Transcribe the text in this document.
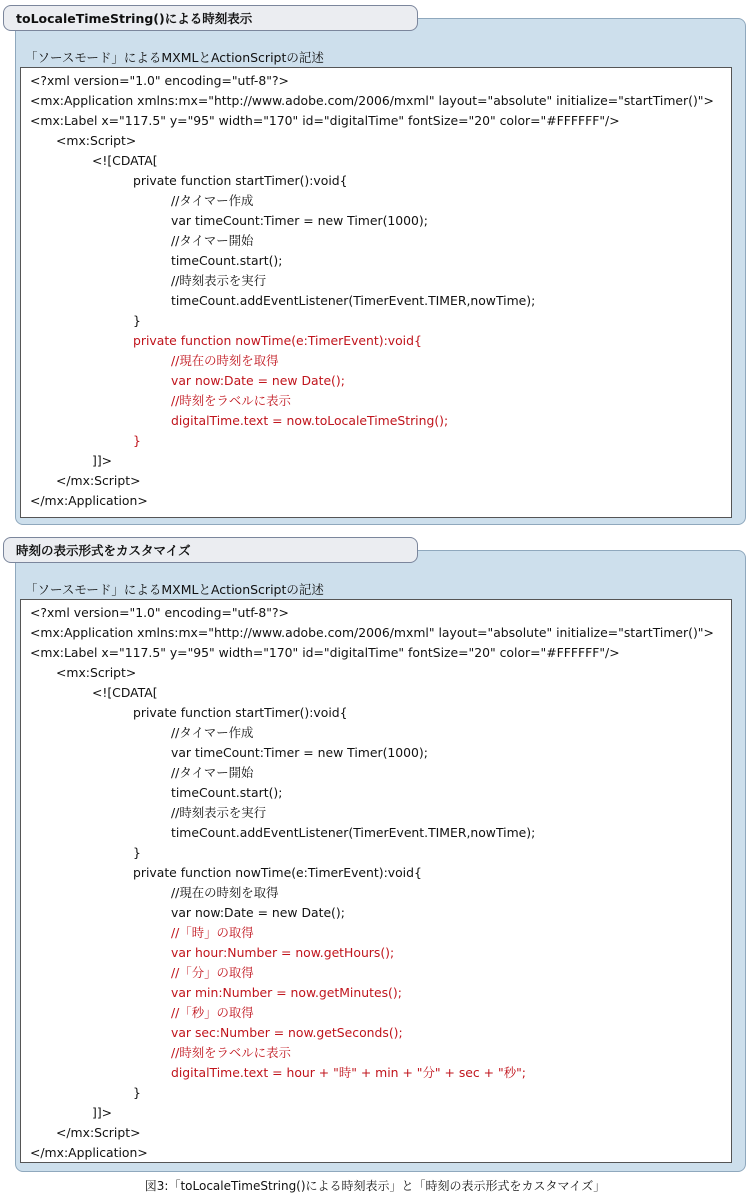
toLocaleTimeString()による時刻表示
「ソースモード」によるMXMLとActionScriptの記述
<?xml version="1.0" encoding="utf-8"?>
<mx:Application xmlns:mx="http://www.adobe.com/2006/mxml" layout="absolute" initialize="startTimer()">
<mx:Label x="117.5" y="95" width="170" id="digitalTime" fontSize="20" color="#FFFFFF"/>
<mx:Script>
<![CDATA[
private function startTimer():void{
//タイマー作成
var timeCount:Timer = new Timer(1000);
//タイマー開始
timeCount.start();
//時刻表示を実行
timeCount.addEventListener(TimerEvent.TIMER,nowTime);
}
private function nowTime(e:TimerEvent):void{
//現在の時刻を取得
var now:Date = new Date();
//時刻をラベルに表示
digitalTime.text = now.toLocaleTimeString();
}
]]>
</mx:Script>
</mx:Application>
時刻の表示形式をカスタマイズ
「ソースモード」によるMXMLとActionScriptの記述
<?xml version="1.0" encoding="utf-8"?>
<mx:Application xmlns:mx="http://www.adobe.com/2006/mxml" layout="absolute" initialize="startTimer()">
<mx:Label x="117.5" y="95" width="170" id="digitalTime" fontSize="20" color="#FFFFFF"/>
<mx:Script>
<![CDATA[
private function startTimer():void{
//タイマー作成
var timeCount:Timer = new Timer(1000);
//タイマー開始
timeCount.start();
//時刻表示を実行
timeCount.addEventListener(TimerEvent.TIMER,nowTime);
}
private function nowTime(e:TimerEvent):void{
//現在の時刻を取得
var now:Date = new Date();
//「時」の取得
var hour:Number = now.getHours();
//「分」の取得
var min:Number = now.getMinutes();
//「秒」の取得
var sec:Number = now.getSeconds();
//時刻をラベルに表示
digitalTime.text = hour + "時" + min + "分" + sec + "秒";
}
]]>
</mx:Script>
</mx:Application>
図3:「toLocaleTimeString()による時刻表示」と「時刻の表示形式をカスタマイズ」
